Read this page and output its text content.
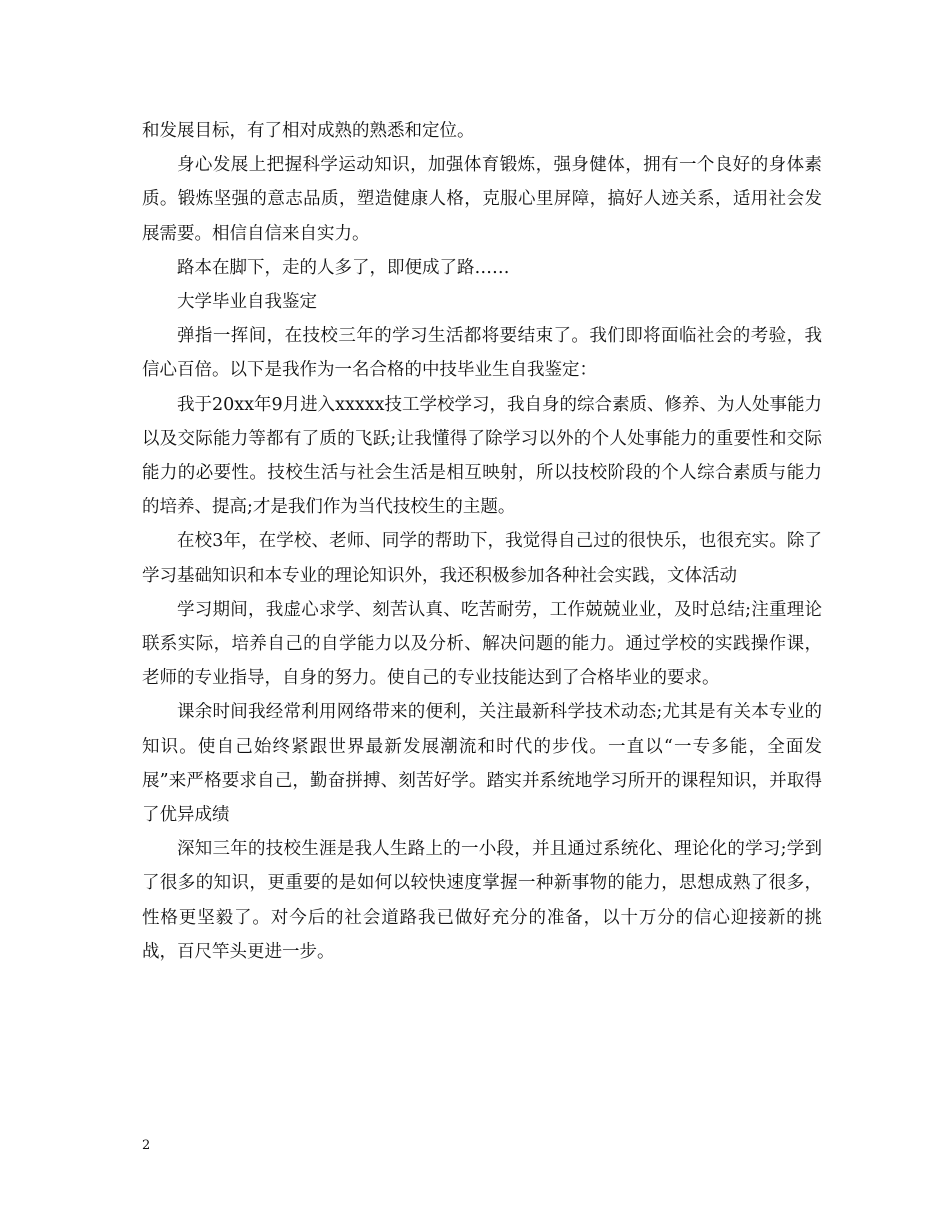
和发展目标，有了相对成熟的熟悉和定位。

身心发展上把握科学运动知识，加强体育锻炼，强身健体，拥有一个良好的身体素质。锻炼坚强的意志品质，塑造健康人格，克服心里屏障，搞好人迹关系，适用社会发展需要。相信自信来自实力。

路本在脚下，走的人多了，即便成了路……

大学毕业自我鉴定

弹指一挥间，在技校三年的学习生活都将要结束了。我们即将面临社会的考验，我信心百倍。以下是我作为一名合格的中技毕业生自我鉴定：

我于20xx年9月进入xxxxx技工学校学习，我自身的综合素质、修养、为人处事能力以及交际能力等都有了质的飞跃;让我懂得了除学习以外的个人处事能力的重要性和交际能力的必要性。技校生活与社会生活是相互映射，所以技校阶段的个人综合素质与能力的培养、提高;才是我们作为当代技校生的主题。

在校3年，在学校、老师、同学的帮助下，我觉得自己过的很快乐，也很充实。除了学习基础知识和本专业的理论知识外，我还积极参加各种社会实践，文体活动

学习期间，我虚心求学、刻苦认真、吃苦耐劳，工作兢兢业业，及时总结;注重理论联系实际，培养自己的自学能力以及分析、解决问题的能力。通过学校的实践操作课，老师的专业指导，自身的努力。使自己的专业技能达到了合格毕业的要求。

课余时间我经常利用网络带来的便利，关注最新科学技术动态;尤其是有关本专业的知识。使自己始终紧跟世界最新发展潮流和时代的步伐。一直以“一专多能，全面发展”来严格要求自己，勤奋拼搏、刻苦好学。踏实并系统地学习所开的课程知识，并取得了优异成绩

深知三年的技校生涯是我人生路上的一小段，并且通过系统化、理论化的学习;学到了很多的知识，更重要的是如何以较快速度掌握一种新事物的能力，思想成熟了很多，性格更坚毅了。对今后的社会道路我已做好充分的准备，以十万分的信心迎接新的挑战，百尺竿头更进一步。

2
